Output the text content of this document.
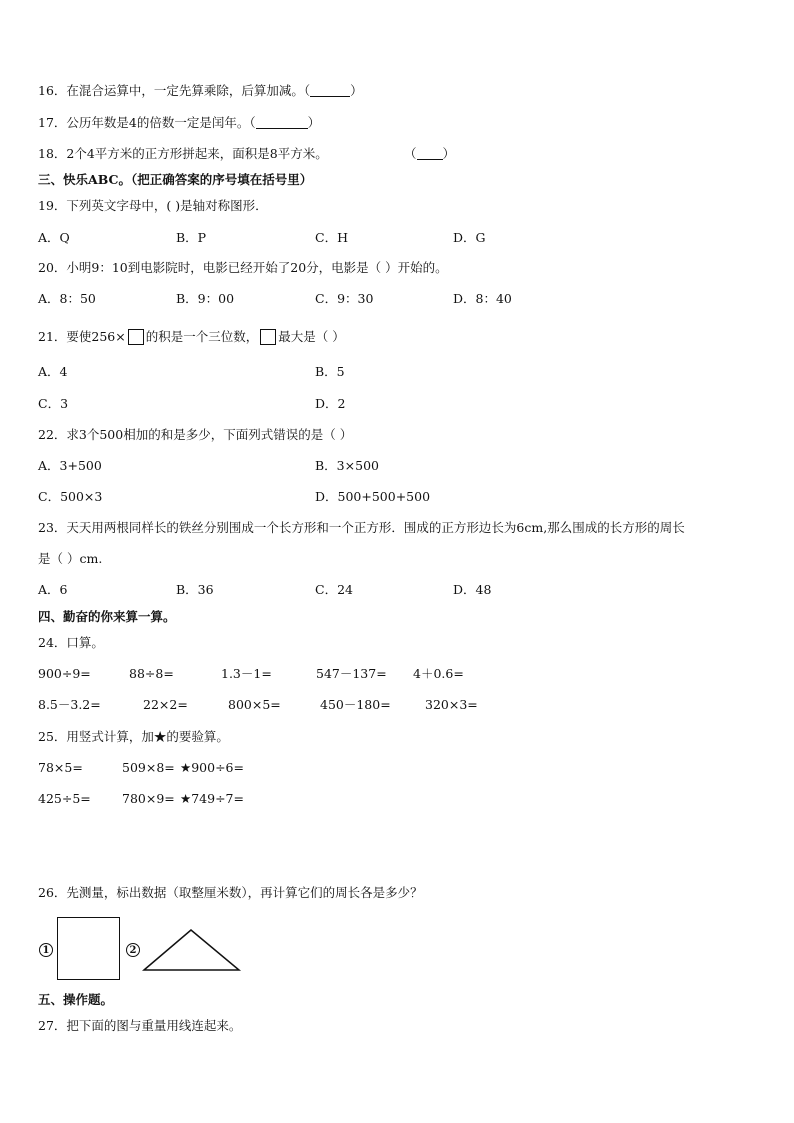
16．在混合运算中，一定先算乘除，后算加减。（	）
17．公历年数是4的倍数一定是闰年。（	）
18．2个4平方米的正方形拼起来，面积是8平方米。	（ ）
三、快乐ABC。（把正确答案的序号填在括号里）
19．下列英文字母中，( )是轴对称图形．
A．Q	B．P	C．H	D．G
20．小明9：10到电影院时，电影已经开始了20分，电影是（ ）开始的。
A．8：50	B．9：00	C．9：30	D．8：40
21．要使256× 的积是一个三位数， 最大是（ ）
A．4	B．5
C．3	D．2
22．求3个500相加的和是多少，下面列式错误的是（ ）
A．3+500	B．3×500
C．500×3	D．500+500+500
23．天天用两根同样长的铁丝分别围成一个长方形和一个正方形．围成的正方形边长为6cm,那么围成的长方形的周长
是（ ）cm.
A．6	B．36	C．24	D．48
四、勤奋的你来算一算。
24．口算。
900÷9=	88÷8=	1.3－1=	547－137= 4＋0.6=
8.5－3.2=	22×2=	800×5=	450－180=	320×3=
25．用竖式计算，加★的要验算。
78×5=	509×8= ★900÷6=
425÷5= 780×9= ★749÷7=
26．先测量，标出数据（取整厘米数），再计算它们的周长各是多少？
1	2
五、操作题。
27．把下面的图与重量用线连起来。
